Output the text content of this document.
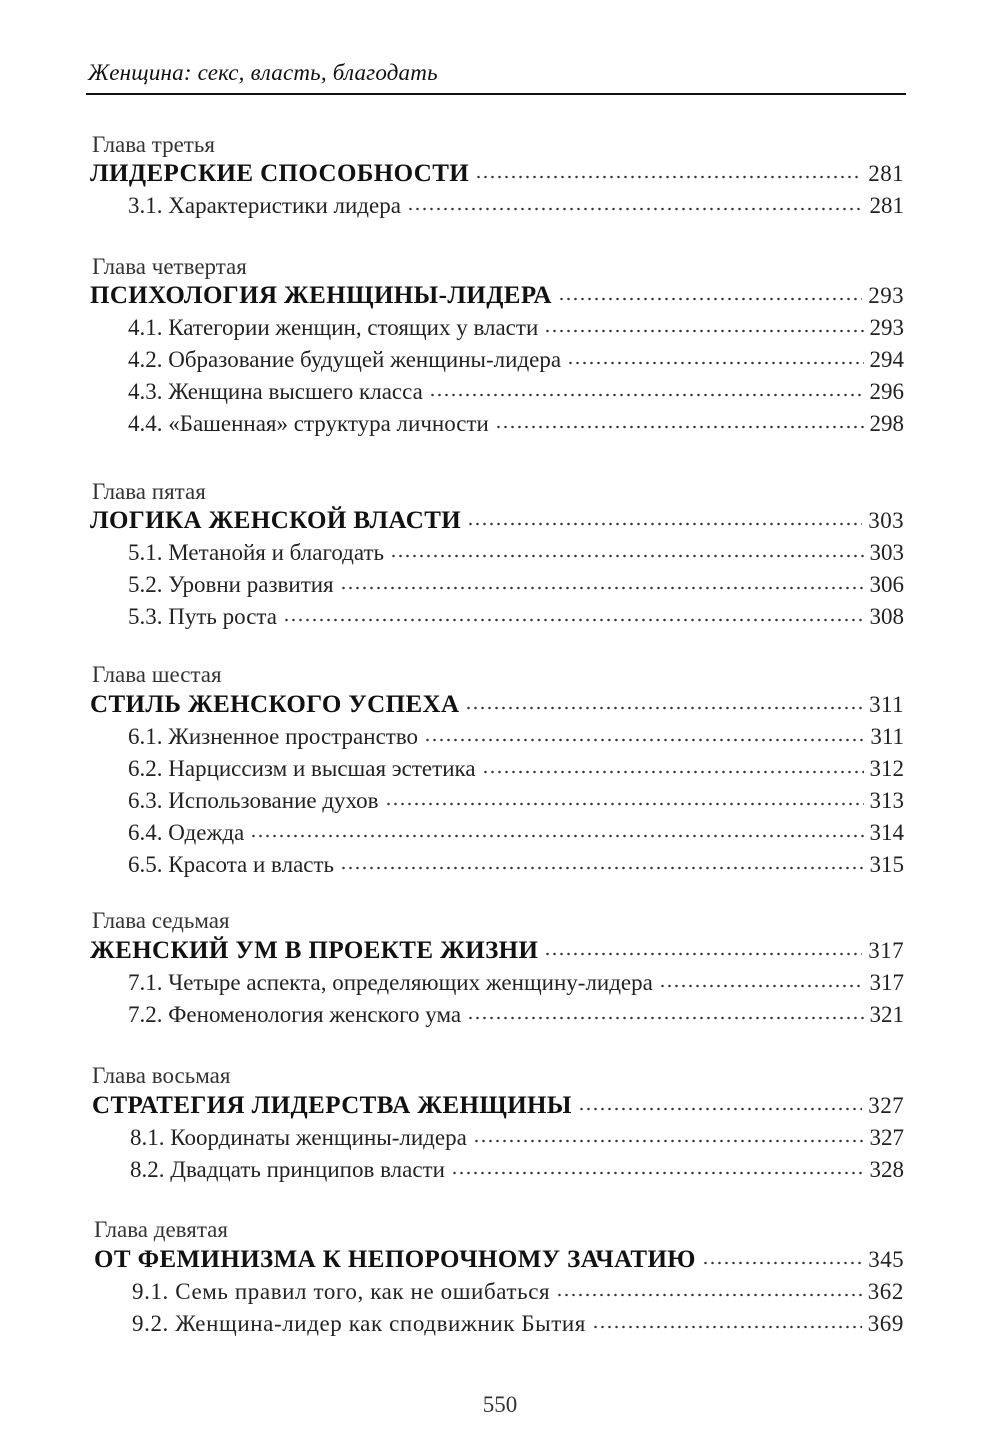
Женщина: секс, власть, благодать
Глава третья
ЛИДЕРСКИЕ СПОСОБНОСТИ	281
3.1. Характеристики лидера	281
Глава четвертая
ПСИХОЛОГИЯ ЖЕНЩИНЫ-ЛИДЕРА	293
4.1. Категории женщин, стоящих у власти	293
4.2. Образование будущей женщины-лидера	294
4.3. Женщина высшего класса	296
4.4. «Башенная» структура личности	298
Глава пятая
ЛОГИКА ЖЕНСКОЙ ВЛАСТИ	303
5.1. Метанойя и благодать	303
5.2. Уровни развития	306
5.3. Путь роста	308
Глава шестая
СТИЛЬ ЖЕНСКОГО УСПЕХА	311
6.1. Жизненное пространство	311
6.2. Нарциссизм и высшая эстетика	312
6.3. Использование духов	313
6.4. Одежда	314
6.5. Красота и власть	315
Глава седьмая
ЖЕНСКИЙ УМ В ПРОЕКТЕ ЖИЗНИ	317
7.1. Четыре аспекта, определяющих женщину-лидера	317
7.2. Феноменология женского ума	321
Глава восьмая
СТРАТЕГИЯ ЛИДЕРСТВА ЖЕНЩИНЫ	327
8.1. Координаты женщины-лидера	327
8.2. Двадцать принципов власти	328
Глава девятая
ОТ ФЕМИНИЗМА К НЕПОРОЧНОМУ ЗАЧАТИЮ	345
9.1. Семь правил того, как не ошибаться	362
9.2. Женщина-лидер как сподвижник Бытия	369
550
